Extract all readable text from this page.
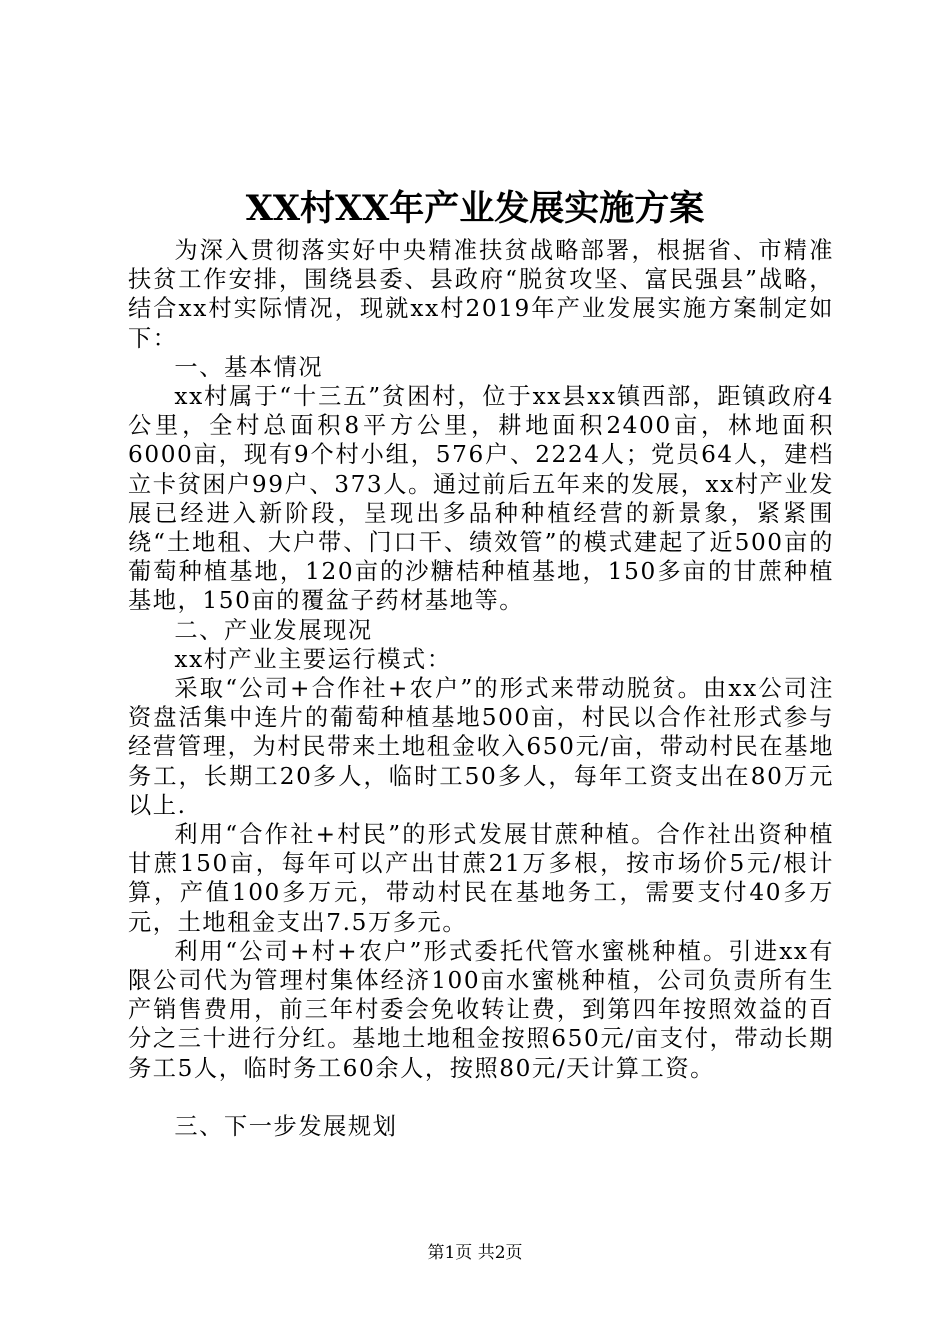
XX村XX年产业发展实施方案

为深入贯彻落实好中央精准扶贫战略部署，根据省、市精准扶贫工作安排，围绕县委、县政府“脱贫攻坚、富民强县”战略，结合xx村实际情况，现就xx村2019年产业发展实施方案制定如下：

一、基本情况

xx村属于“十三五”贫困村，位于xx县xx镇西部，距镇政府4公里，全村总面积8平方公里，耕地面积2400亩，林地面积6000亩，现有9个村小组，576户、2224人；党员64人，建档立卡贫困户99户、373人。通过前后五年来的发展，xx村产业发展已经进入新阶段，呈现出多品种种植经营的新景象，紧紧围绕“土地租、大户带、门口干、绩效管”的模式建起了近500亩的葡萄种植基地，120亩的沙糖桔种植基地，150多亩的甘蔗种植基地，150亩的覆盆子药材基地等。

二、产业发展现况

xx村产业主要运行模式：

采取“公司+合作社+农户”的形式来带动脱贫。由xx公司注资盘活集中连片的葡萄种植基地500亩，村民以合作社形式参与经营管理，为村民带来土地租金收入650元/亩，带动村民在基地务工，长期工20多人，临时工50多人，每年工资支出在80万元以上.

利用“合作社+村民”的形式发展甘蔗种植。合作社出资种植甘蔗150亩，每年可以产出甘蔗21万多根，按市场价5元/根计算，产值100多万元，带动村民在基地务工，需要支付40多万元，土地租金支出7.5万多元。

利用“公司+村+农户”形式委托代管水蜜桃种植。引进xx有限公司代为管理村集体经济100亩水蜜桃种植，公司负责所有生产销售费用，前三年村委会免收转让费，到第四年按照效益的百分之三十进行分红。基地土地租金按照650元/亩支付，带动长期务工5人，临时务工60余人，按照80元/天计算工资。

三、下一步发展规划

第1页 共2页
